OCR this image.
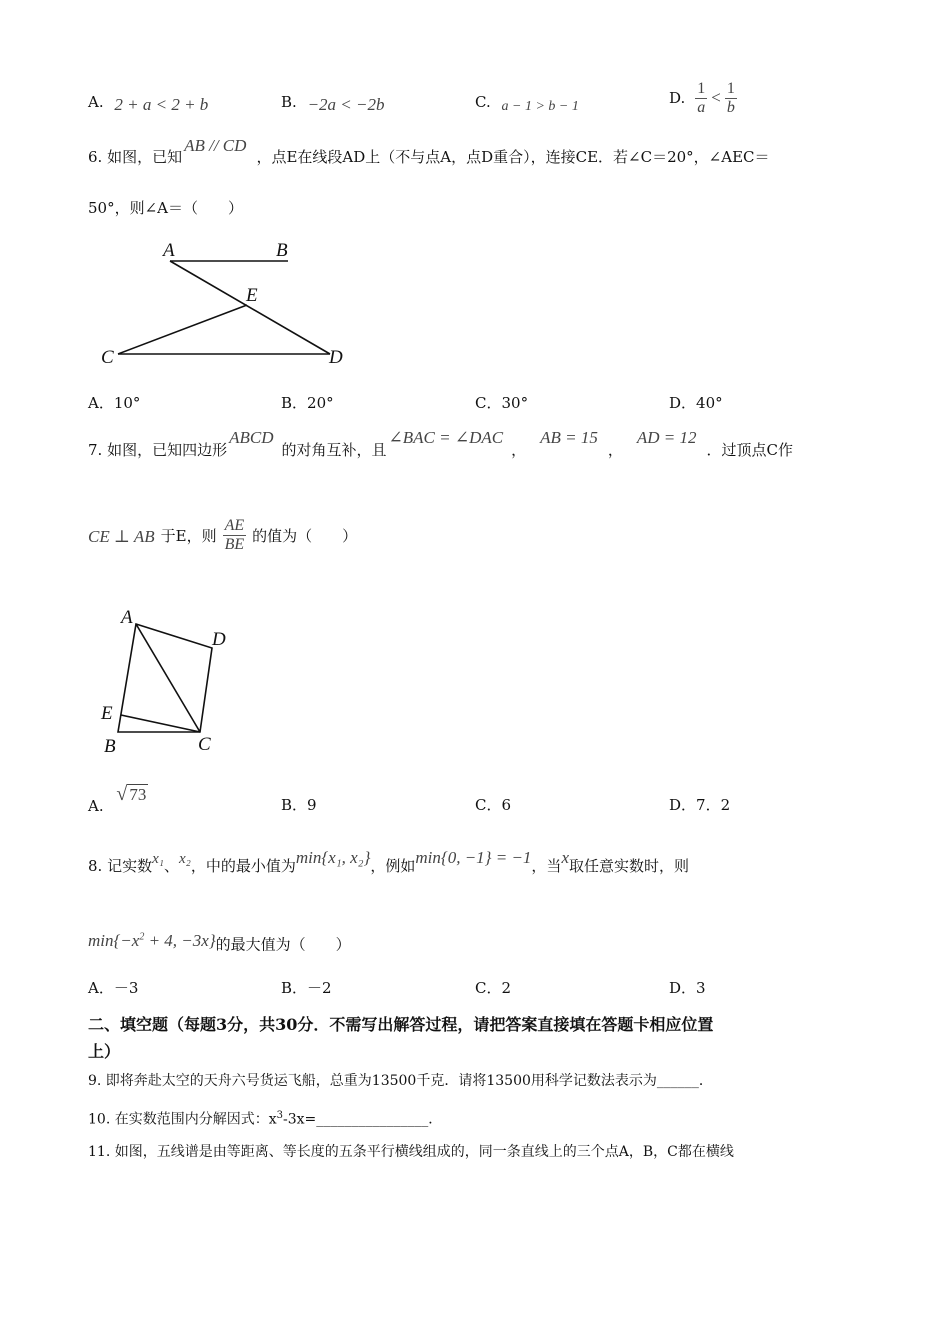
A. 2 + a < 2 + b	B. −2a < −2b	C. a − 1 > b − 1	D. $\frac{1}{a} < \frac{1}{b}$
6. 如图，已知AB // CD，点E在线段AD上（不与点A，点D重合），连接CE．若∠C＝20°，∠AEC＝
50°，则∠A＝（　　）
A	B
E
C	D
A．10°	B．20°	C．30°	D．40°
7. 如图，已知四边形ABCD的对角互补，且∠BAC = ∠DAC，AB = 15，AD = 12．过顶点C作
CE ⊥ AB 于E，则 $\frac{AE}{BE}$ 的值为（　　）
A
D
E
B	C
A. √ 73
B．9	C．6	D．7．2
8. 记实数x₁、x₂，中的最小值为min{x₁, x₂}，例如min{0, −1} = −1，当x取任意实数时，则
$\min\{-x^2 + 4$, −3x}的最大值为（　　）
A．－3	B．－2	C．2	D．3
二、填空题（每题3分，共30分．不需写出解答过程，请把答案直接填在答题卡相应位置
上）
9. 即将奔赴太空的天舟六号货运飞船，总重为13500千克．请将13500用科学记数法表示为______．
10. 在实数范围内分解因式：$x^3-3x=\_\_\_\_\_\_\_\_\_\_\_\_\_\_\_\_$．
11. 如图，五线谱是由等距离、等长度的五条平行横线组成的，同一条直线上的三个点A，B，C都在横线
